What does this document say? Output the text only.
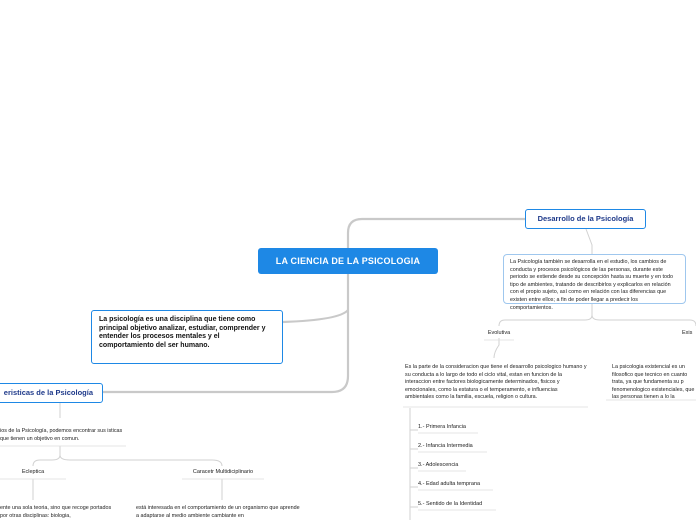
LA CIENCIA DE LA PSICOLOGIA
Desarrollo de la Psicología
La Psicología también se desarrolla en el estudio, los cambios de conducta y procesos psicológicos de las personas, durante este periodo se extiende desde su concepción hasta su muerte y en todo tipo de ambientes, tratando de describirlos y explicarlos en relación con el propio sujeto, así como en relación con las diferencias que existen entre ellos; a fin de poder llegar a predecir los comportamientos.
Evolutiva	Exis
Es la parte de la consideracion que tiene el desarrollo psicologico humano y su conducta a lo largo de todo el ciclo vital, estan en funcion de la interaccion entre factores biologicamente determinados, fisicos y emocionales, como la estatura o el temperamento, e influencias ambientales como la familia, escuela, religion o cultura.
La psicologia existencial es un filosofico que tecnico en cuanto trata, ya que fundamenta su p fenomenologico existenciales, que las personas tienen a lo la
1.- Primera Infancia
2.- Infancia Intermedia
3.- Adolescencia
4.- Edad adulta temprana
5.- Sentido de la Identidad
La psicología es una disciplina que tiene como principal objetivo analizar, estudiar, comprender y entender los procesos mentales y el comportamiento del ser humano.
eristicas de la Psicología
ios de la Psicología, podemos encontrar sus isticas que tienen un objetivo en comun.
Ecleptica	Caracetr Multidiciplinario
ente una sola teoria, sino que recoge portados por otras disciplinas: biologia,
está interesada en el comportamiento de un organismo que aprende a adaptarse al medio ambiente cambiante en
